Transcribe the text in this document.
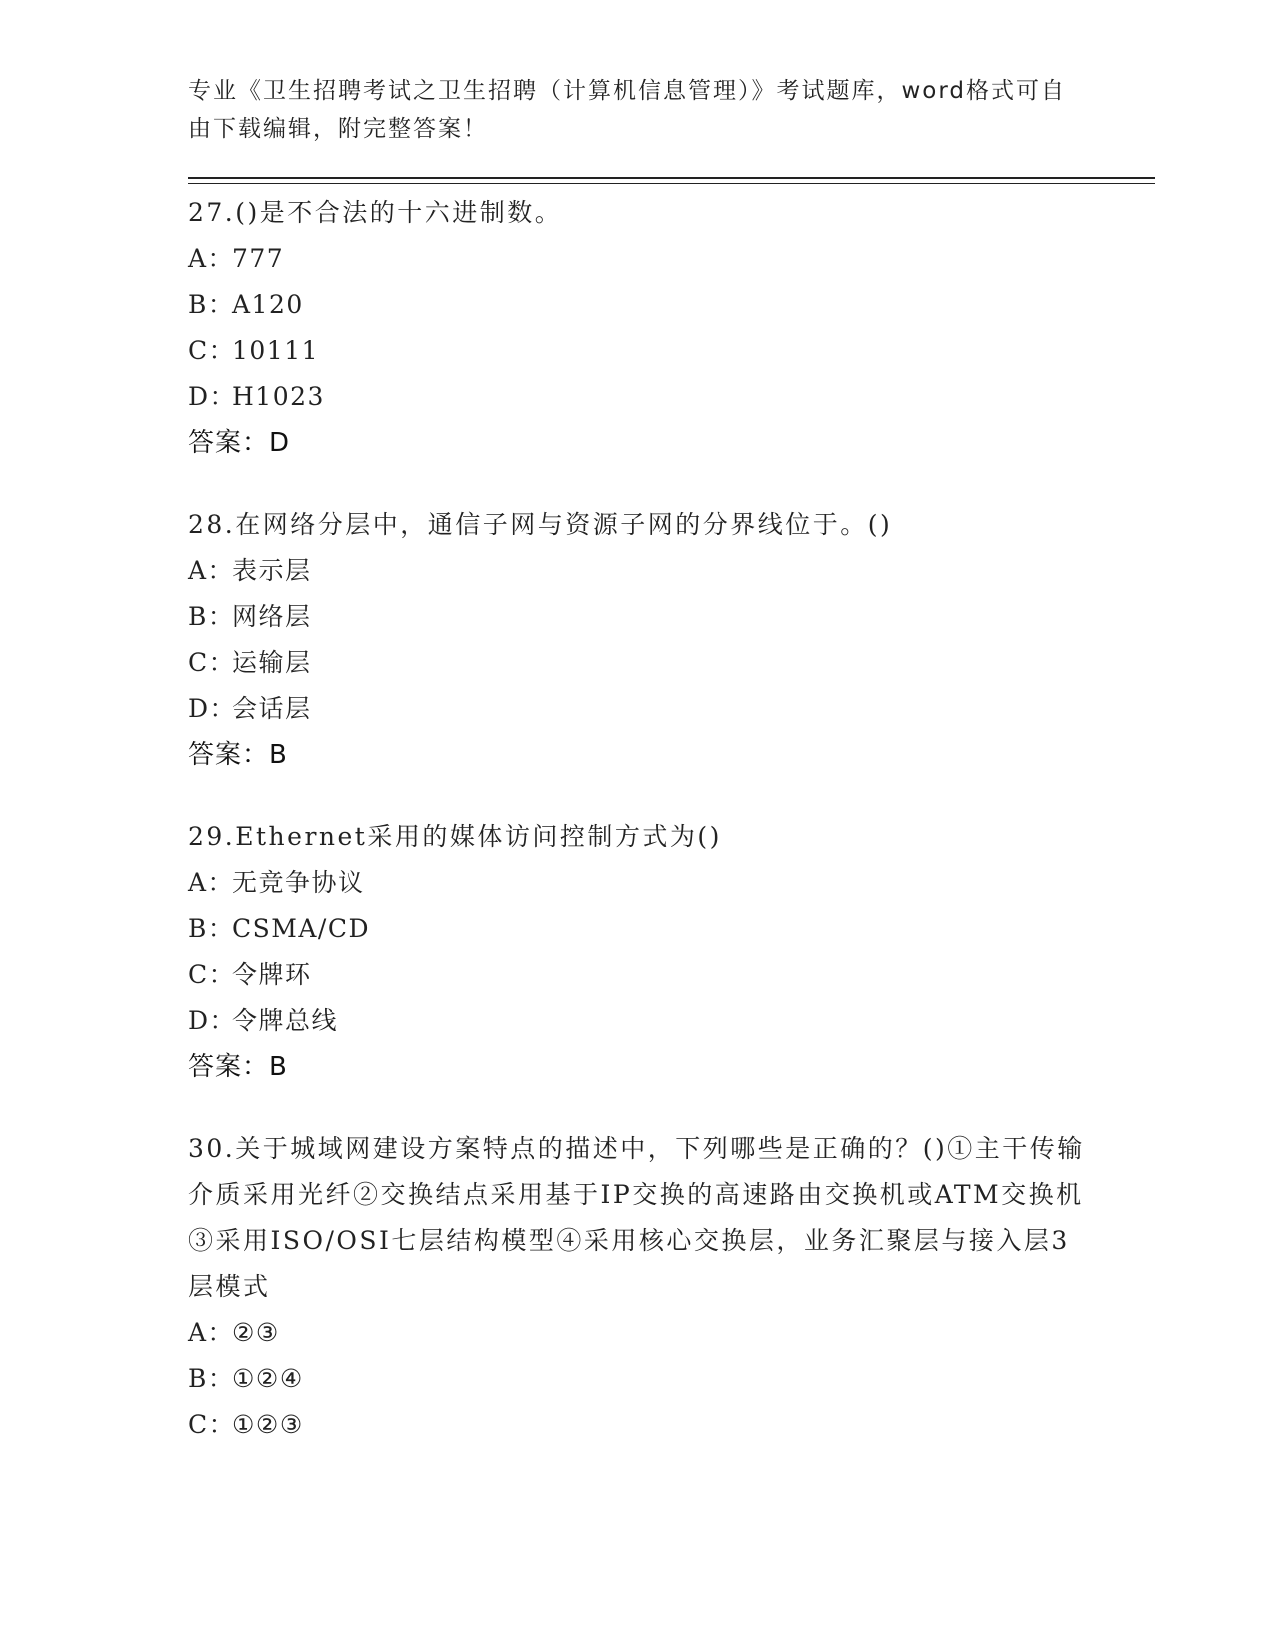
专业《卫生招聘考试之卫生招聘（计算机信息管理）》考试题库，word格式可自由下载编辑，附完整答案！
27.()是不合法的十六进制数。
A：777
B：A120
C：10111
D：H1023
答案：D
28.在网络分层中，通信子网与资源子网的分界线位于。()
A：表示层
B：网络层
C：运输层
D：会话层
答案：B
29.Ethernet采用的媒体访问控制方式为()
A：无竞争协议
B：CSMA/CD
C：令牌环
D：令牌总线
答案：B
30.关于城域网建设方案特点的描述中，下列哪些是正确的？()①主干传输介质采用光纤②交换结点采用基于IP交换的高速路由交换机或ATM交换机③采用ISO/OSI七层结构模型④采用核心交换层，业务汇聚层与接入层3层模式
A：②③
B：①②④
C：①②③
